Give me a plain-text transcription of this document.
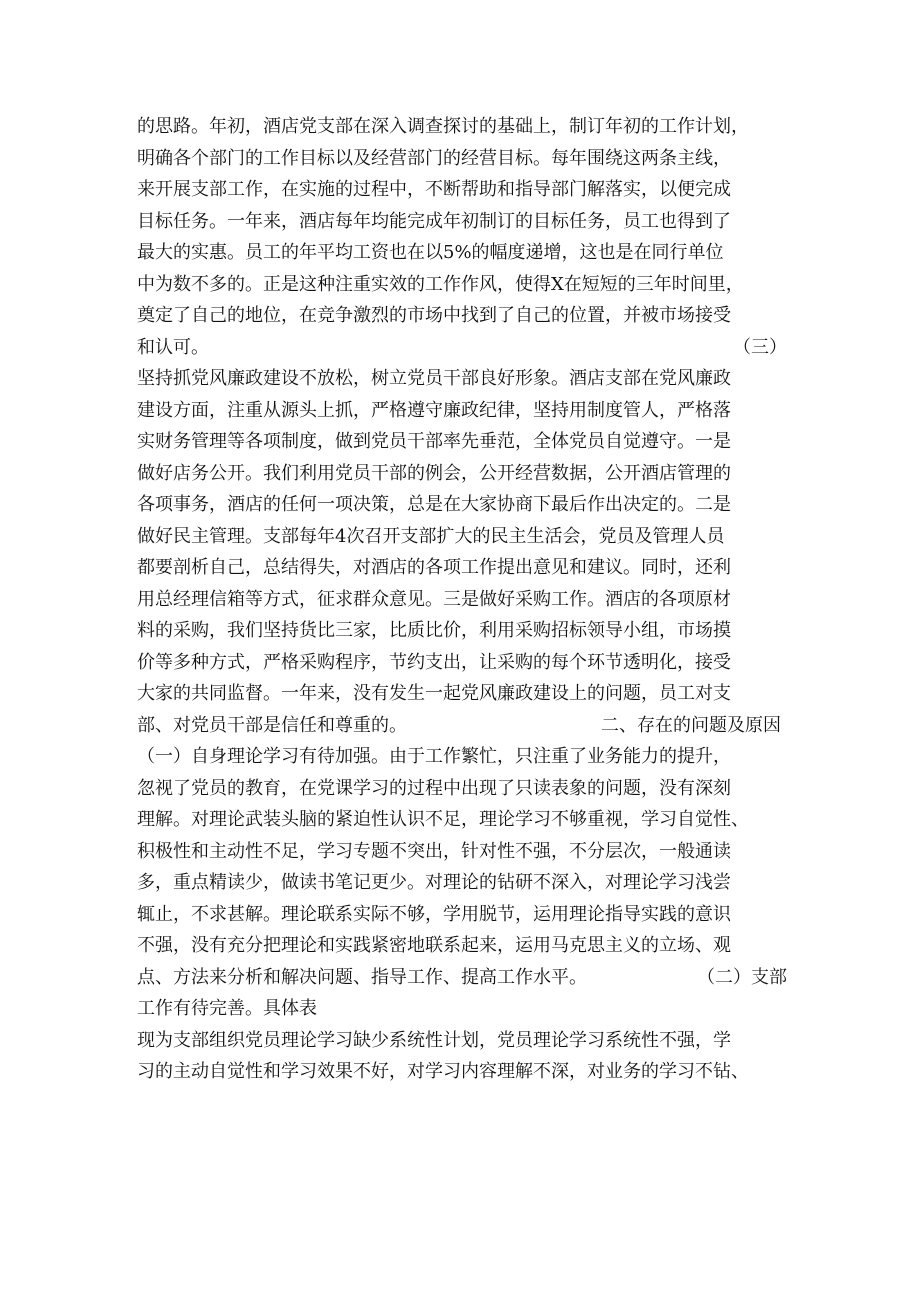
的思路。年初，酒店党支部在深入调查探讨的基础上，制订年初的工作计划，
明确各个部门的工作目标以及经营部门的经营目标。每年围绕这两条主线，
来开展支部工作，在实施的过程中，不断帮助和指导部门解落实，以便完成
目标任务。一年来，酒店每年均能完成年初制订的目标任务，员工也得到了
最大的实惠。员工的年平均工资也在以5%的幅度递增，这也是在同行单位
中为数不多的。正是这种注重实效的工作作风，使得X在短短的三年时间里，
奠定了自己的地位，在竞争激烈的市场中找到了自己的位置，并被市场接受
和认可。	（三）
坚持抓党风廉政建设不放松，树立党员干部良好形象。酒店支部在党风廉政
建设方面，注重从源头上抓，严格遵守廉政纪律，坚持用制度管人，严格落
实财务管理等各项制度，做到党员干部率先垂范，全体党员自觉遵守。一是
做好店务公开。我们利用党员干部的例会，公开经营数据，公开酒店管理的
各项事务，酒店的任何一项决策，总是在大家协商下最后作出决定的。二是
做好民主管理。支部每年4次召开支部扩大的民主生活会，党员及管理人员
都要剖析自己，总结得失，对酒店的各项工作提出意见和建议。同时，还利
用总经理信箱等方式，征求群众意见。三是做好采购工作。酒店的各项原材
料的采购，我们坚持货比三家，比质比价，利用采购招标领导小组，市场摸
价等多种方式，严格采购程序，节约支出，让采购的每个环节透明化，接受
大家的共同监督。一年来，没有发生一起党风廉政建设上的问题，员工对支
部、对党员干部是信任和尊重的。	二、存在的问题及原因
（一）自身理论学习有待加强。由于工作繁忙，只注重了业务能力的提升，
忽视了党员的教育，在党课学习的过程中出现了只读表象的问题，没有深刻
理解。对理论武装头脑的紧迫性认识不足，理论学习不够重视，学习自觉性、
积极性和主动性不足，学习专题不突出，针对性不强，不分层次，一般通读
多，重点精读少，做读书笔记更少。对理论的钻研不深入，对理论学习浅尝
辄止，不求甚解。理论联系实际不够，学用脱节，运用理论指导实践的意识
不强，没有充分把理论和实践紧密地联系起来，运用马克思主义的立场、观
点、方法来分析和解决问题、指导工作、提高工作水平。	（二）支部
工作有待完善。具体表
现为支部组织党员理论学习缺少系统性计划，党员理论学习系统性不强，学
习的主动自觉性和学习效果不好，对学习内容理解不深，对业务的学习不钻、
